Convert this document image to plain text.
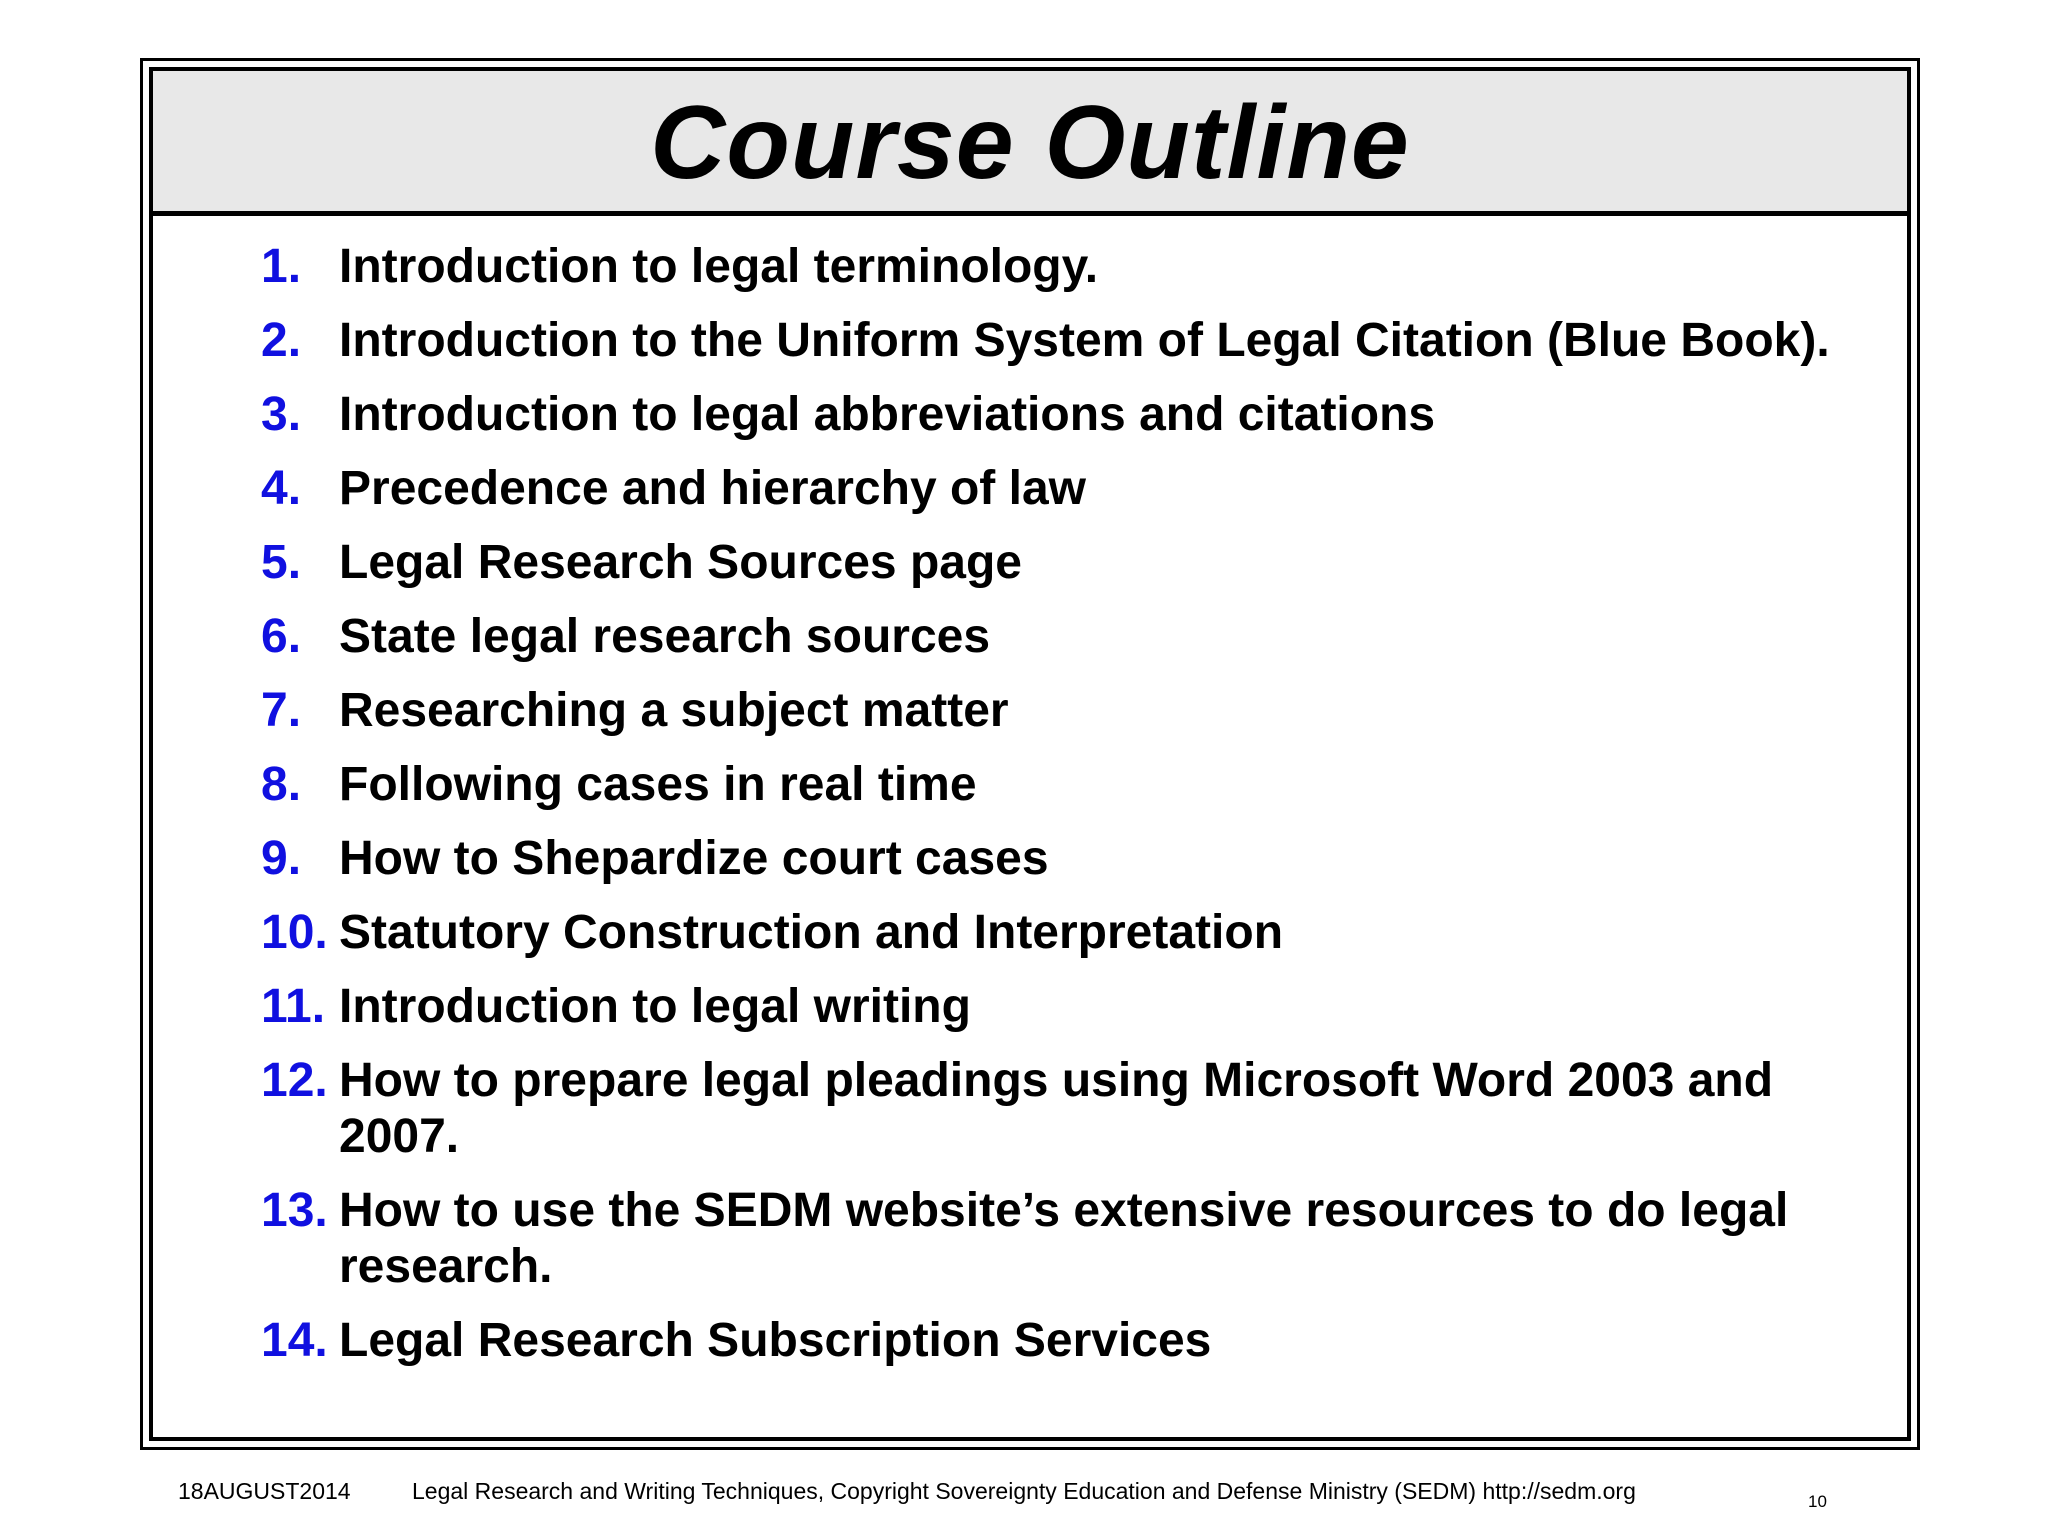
Course Outline
1. Introduction to legal terminology.
2. Introduction to the Uniform System of Legal Citation (Blue Book).
3. Introduction to legal abbreviations and citations
4. Precedence and hierarchy of law
5. Legal Research Sources page
6. State legal research sources
7. Researching a subject matter
8. Following cases in real time
9. How to Shepardize court cases
10. Statutory Construction and Interpretation
11. Introduction to legal writing
12. How to prepare legal pleadings using Microsoft Word 2003 and 2007.
13. How to use the SEDM website’s extensive resources to do legal research.
14. Legal Research Subscription Services
18AUGUST2014	Legal Research and Writing Techniques, Copyright Sovereignty Education and Defense Ministry (SEDM) http://sedm.org	10
